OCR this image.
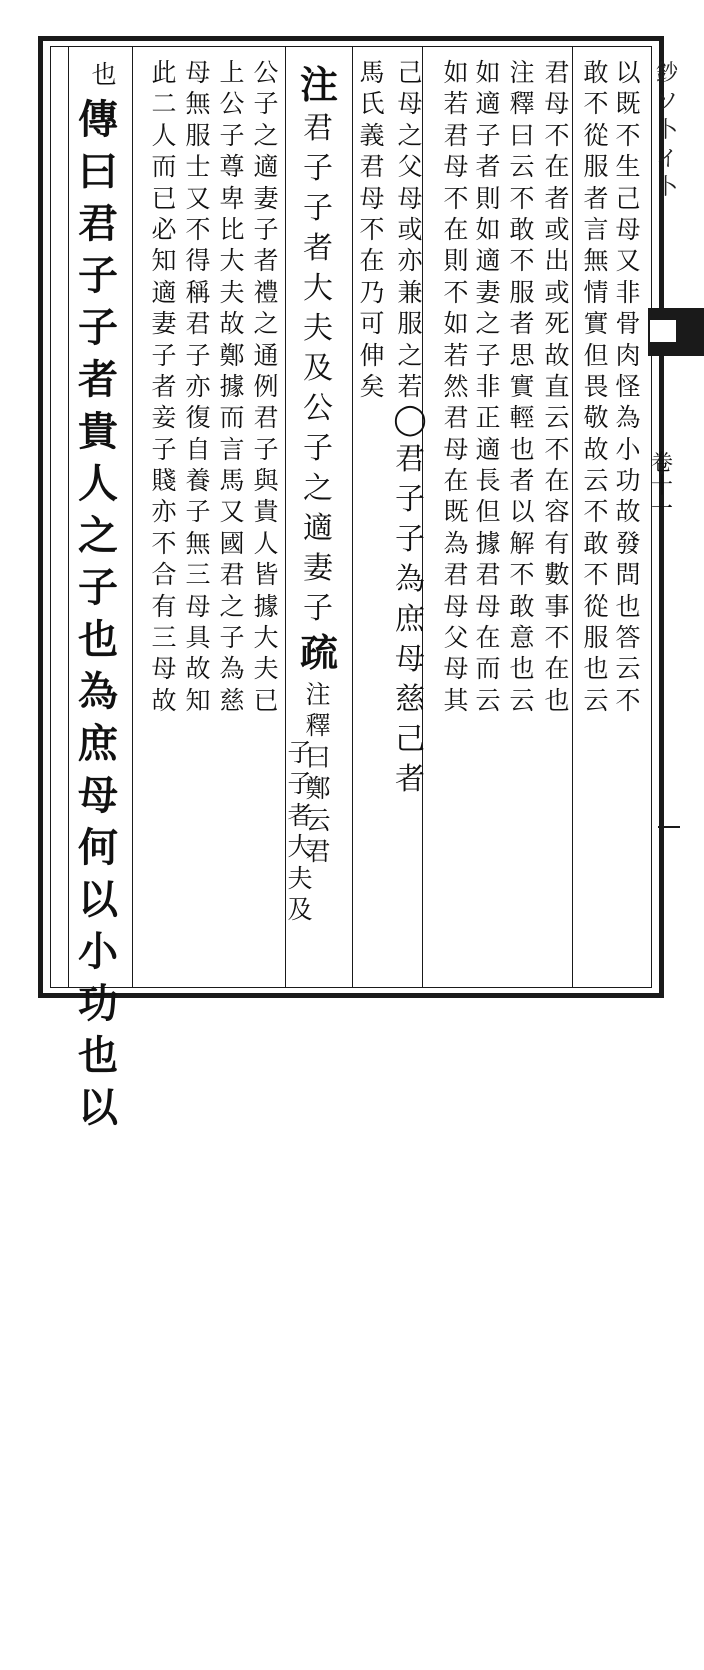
鈔 ソ 卜 イ 卜
卷十一
以
既
不
生
己
母
又
非
骨
肉
怪
為
小
功
故
發
問
也
答
云
不
敢
不
從
服
者
言
無
情
實
但
畏
敬
故
云
不
敢
不
從
服
也
云
君
母
不
在
者
或
出
或
死
故
直
云
不
在
容
有
數
事
不
在
也
注
釋
曰
云
不
敢
不
服
者
思
實
輕
也
者
以
解
不
敢
意
也
云
如
適
子
者
則
如
適
妻
之
子
非
正
適
長
但
據
君
母
在
而
云
如
若
君
母
不
在
則
不
如
若
然
君
母
在
既
為
君
母
父
母
其
己
母
之
父
母
或
亦
兼
服
之
若
◯
君
子
子
為
庶
母
慈
己
者
馬
氏
義
君
母
不
在
乃
可
伸
矣
注
君
子
子
者
大
夫
及
公
子
之
適
妻
子
疏
注
釋
曰
鄭
云
君
子
子
者
大
夫
及
公
子
之
適
妻
子
者
禮
之
通
例
君
子
與
貴
人
皆
據
大
夫
已
上
公
子
尊
卑
比
大
夫
故
鄭
據
而
言
馬
又
國
君
之
子
為
慈
母
無
服
士
又
不
得
稱
君
子
亦
復
自
養
子
無
三
母
具
故
知
此
二
人
而
已
必
知
適
妻
子
者
妾
子
賤
亦
不
合
有
三
母
故
也
傳
曰
君
子
子
者
貴
人
之
子
也
為
庶
母
何
以
小
功
也
以
